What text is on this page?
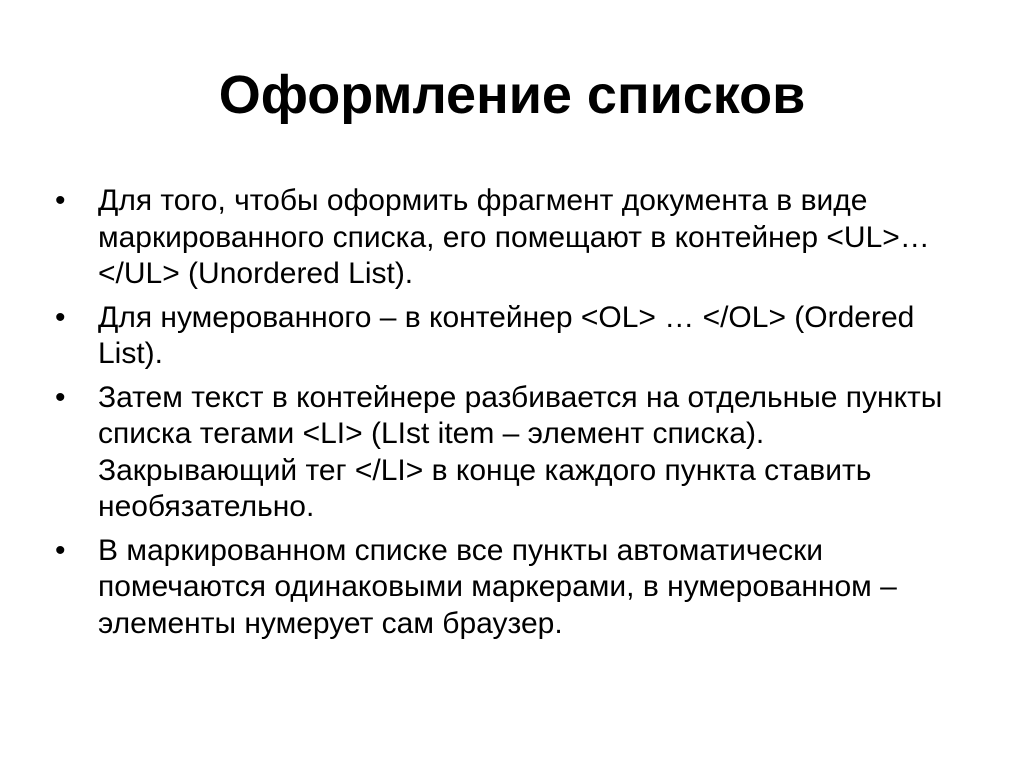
Оформление списков
•	Для того, чтобы оформить фрагмент документа в виде маркированного списка, его помещают в контейнер <UL>… </UL> (Unordered List).
•	Для нумерованного – в контейнер <OL> … </OL> (Ordered List).
•	Затем текст в контейнере разбивается на отдельные пункты списка тегами <LI> (LIst item – элемент списка). Закрывающий тег </LI> в конце каждого пункта ставить необязательно.
•	В маркированном списке все пункты автоматически помечаются одинаковыми маркерами, в нумерованном – элементы нумерует сам браузер.
